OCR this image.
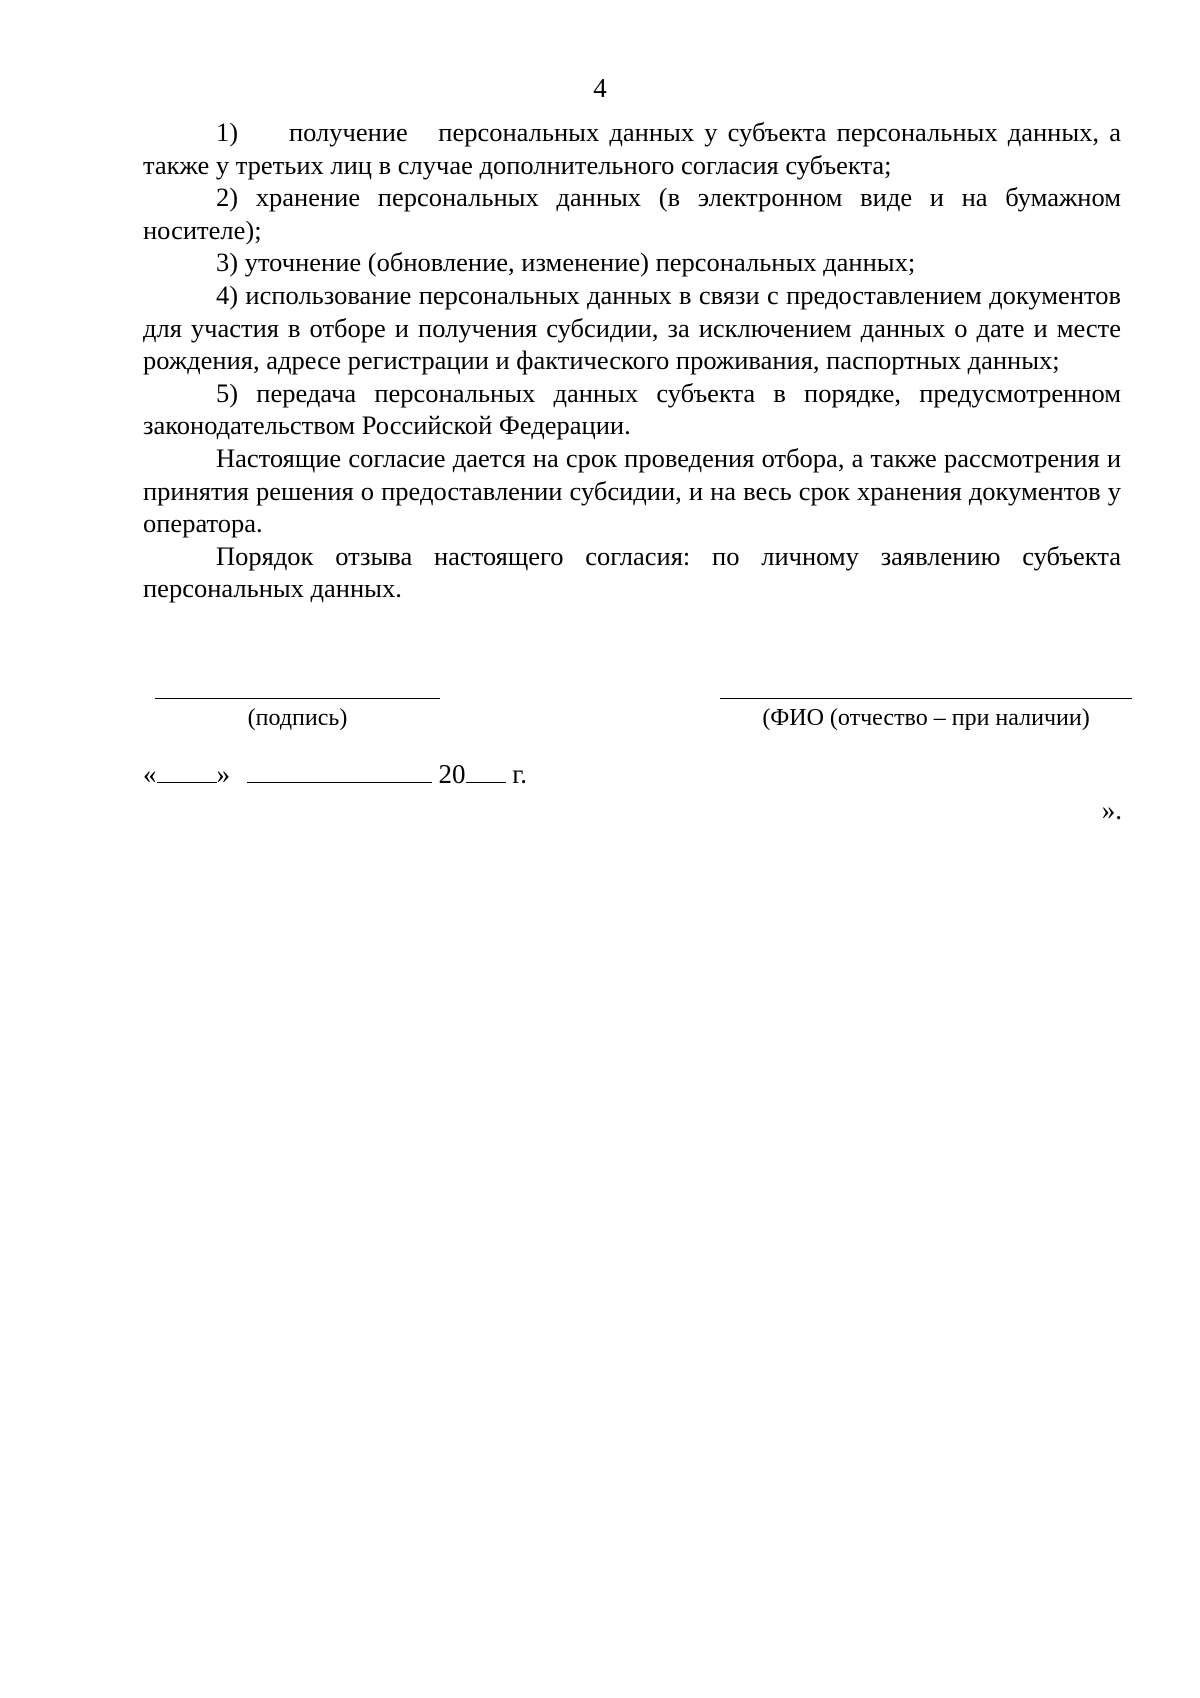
4

1)     получение   персональных данных у субъекта персональных данных, а также у третьих лиц в случае дополнительного согласия субъекта;

2) хранение персональных данных (в электронном виде и на бумажном носителе);

3) уточнение (обновление, изменение) персональных данных;

4) использование персональных данных в связи с предоставлением документов для участия в отборе и получения субсидии, за исключением данных о дате и месте рождения, адресе регистрации и фактического проживания, паспортных данных;

5) передача персональных данных субъекта в порядке, предусмотренном законодательством Российской Федерации.

Настоящие согласие дается на срок проведения отбора, а также рассмотрения и принятия решения о предоставлении субсидии, и на весь срок хранения документов у оператора.

Порядок отзыва настоящего согласия: по личному заявлению субъекта персональных данных.

(подпись)	(ФИО (отчество – при наличии)
« »	20 г.
».
